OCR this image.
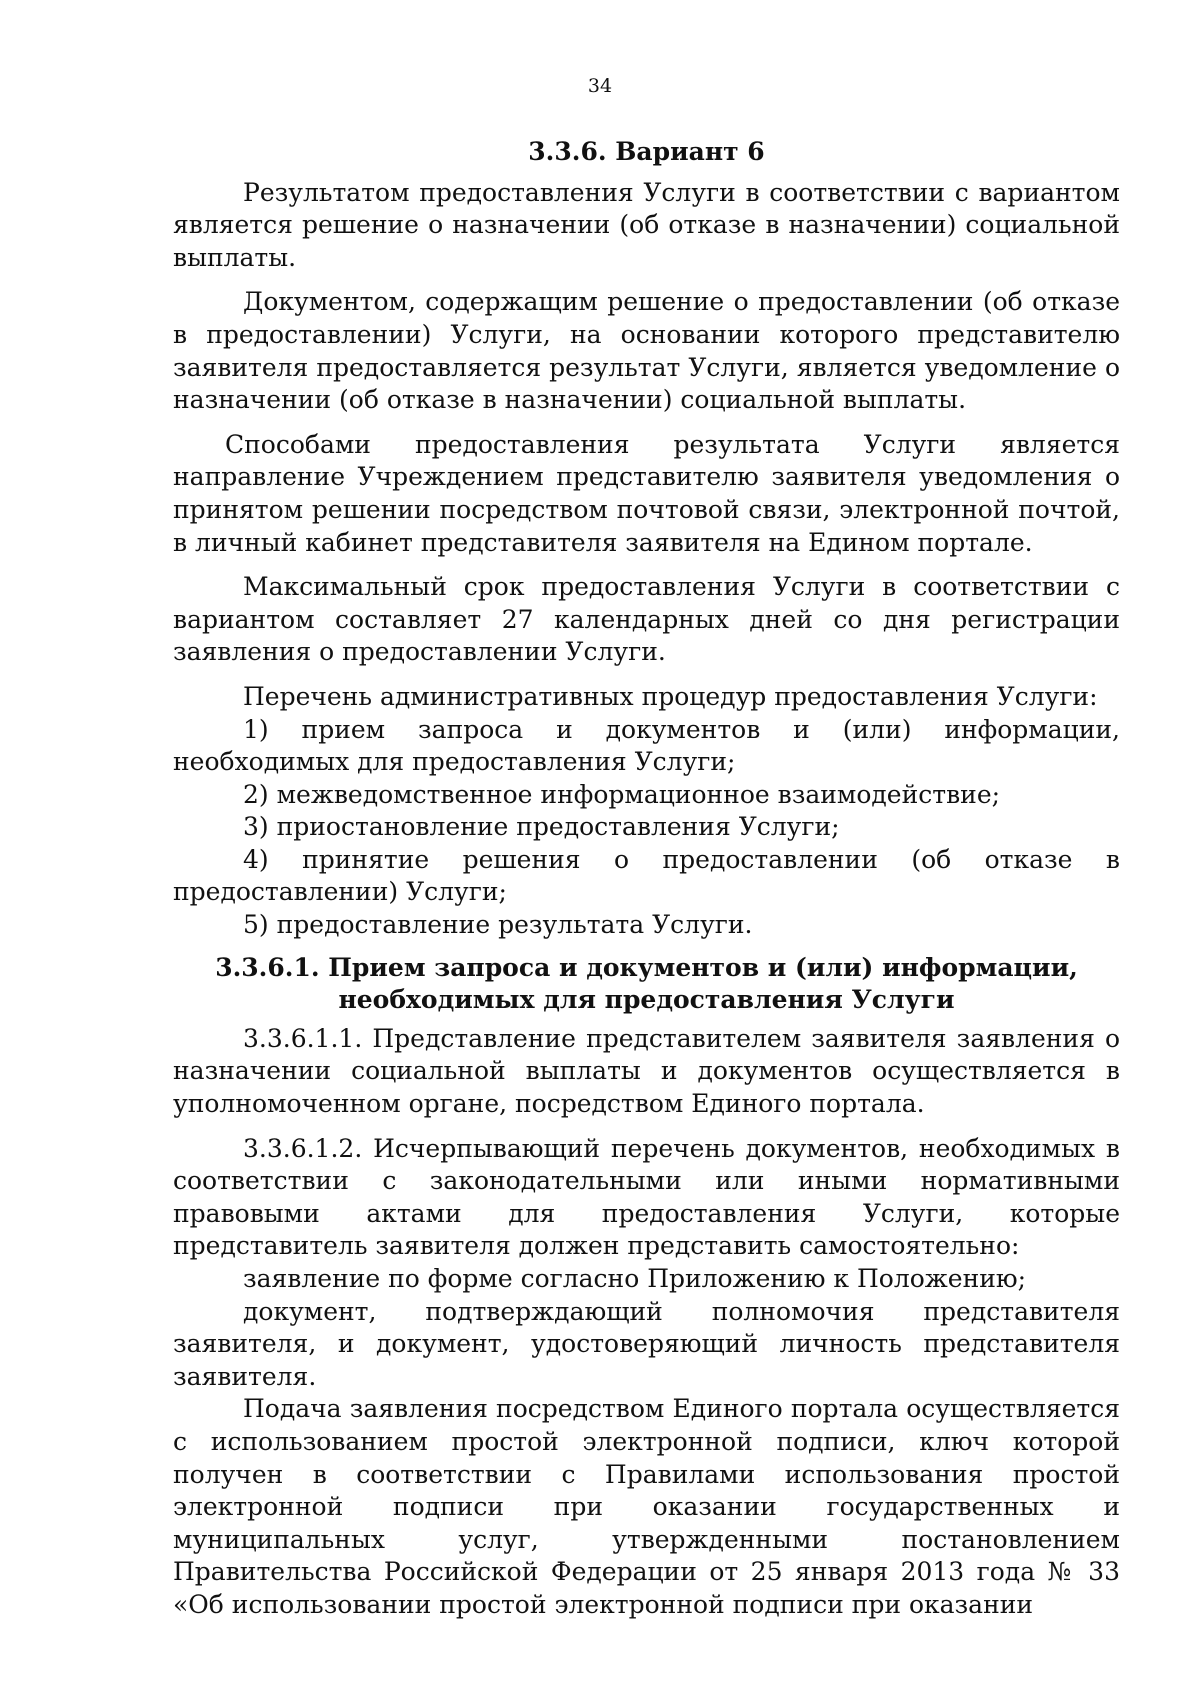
34
3.3.6. Вариант 6

Результатом предоставления Услуги в соответствии с вариантом является решение о назначении (об отказе в назначении) социальной выплаты.

Документом, содержащим решение о предоставлении (об отказе в предоставлении) Услуги, на основании которого представителю заявителя предоставляется результат Услуги, является уведомление о назначении (об отказе в назначении) социальной выплаты.

Способами предоставления результата Услуги является направление Учреждением представителю заявителя уведомления о принятом решении посредством почтовой связи, электронной почтой, в личный кабинет представителя заявителя на Едином портале.

Максимальный срок предоставления Услуги в соответствии с вариантом составляет 27 календарных дней со дня регистрации заявления о предоставлении Услуги.

Перечень административных процедур предоставления Услуги:

1) прием запроса и документов и (или) информации, необходимых для предоставления Услуги;

2) межведомственное информационное взаимодействие;

3) приостановление предоставления Услуги;

4) принятие решения о предоставлении (об отказе в предоставлении) Услуги;

5) предоставление результата Услуги.

3.3.6.1. Прием запроса и документов и (или) информации, необходимых для предоставления Услуги

3.3.6.1.1. Представление представителем заявителя заявления о назначении социальной выплаты и документов осуществляется в уполномоченном органе, посредством Единого портала.

3.3.6.1.2. Исчерпывающий перечень документов, необходимых в соответствии с законодательными или иными нормативными правовыми актами для предоставления Услуги, которые представитель заявителя должен представить самостоятельно:

заявление по форме согласно Приложению к Положению;

документ, подтверждающий полномочия представителя заявителя, и документ, удостоверяющий личность представителя заявителя.

Подача заявления посредством Единого портала осуществляется с использованием простой электронной подписи, ключ которой получен в соответствии с Правилами использования простой электронной подписи при оказании государственных и муниципальных услуг, утвержденными постановлением Правительства Российской Федерации от 25 января 2013 года № 33 «Об использовании простой электронной подписи при оказании
